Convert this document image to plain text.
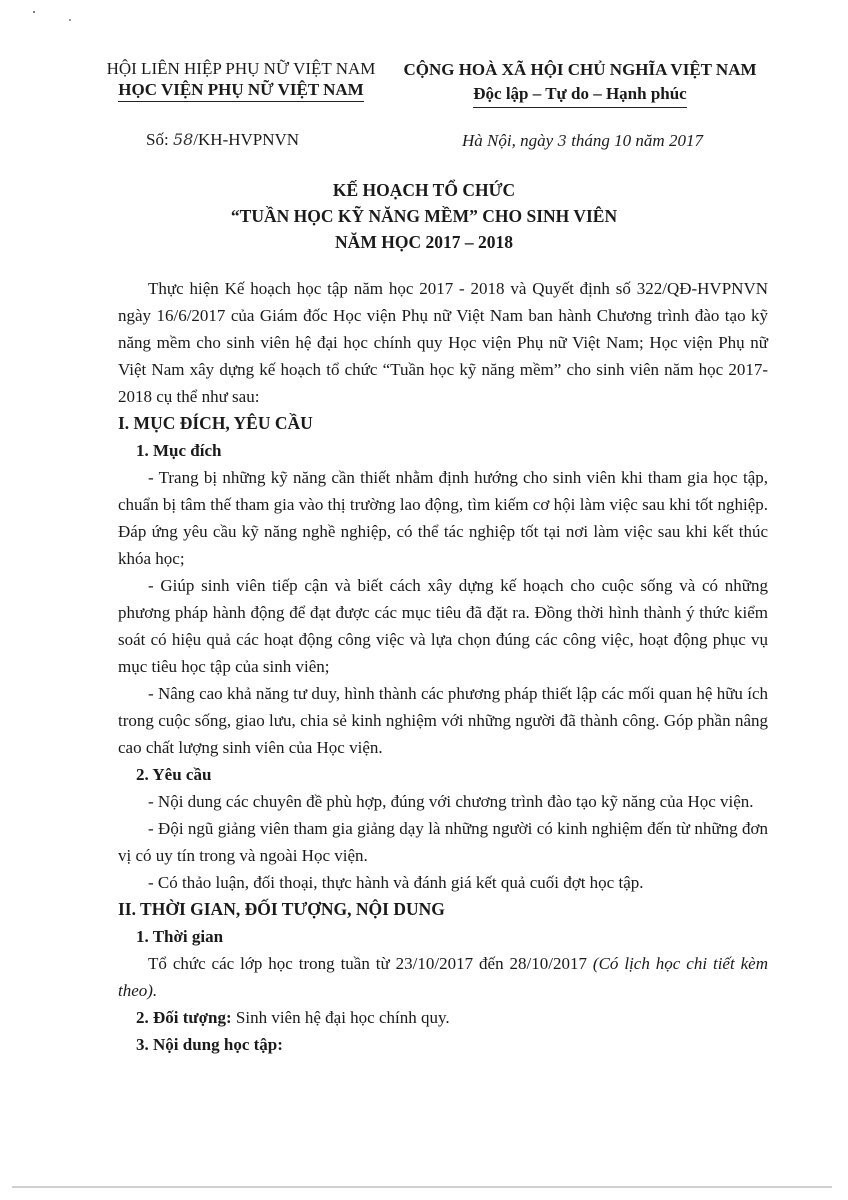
HỘI LIÊN HIỆP PHỤ NỮ VIỆT NAM
HỌC VIỆN PHỤ NỮ VIỆT NAM
CỘNG HOÀ XÃ HỘI CHỦ NGHĨA VIỆT NAM
Độc lập – Tự do – Hạnh phúc
Số: 58/KH-HVPNVN	Hà Nội, ngày 3 tháng 10 năm 2017
KẾ HOẠCH TỔ CHỨC
“TUẦN HỌC KỸ NĂNG MỀM” CHO SINH VIÊN
NĂM HỌC 2017 – 2018

Thực hiện Kế hoạch học tập năm học 2017 - 2018 và Quyết định số 322/QĐ-HVPNVN ngày 16/6/2017 của Giám đốc Học viện Phụ nữ Việt Nam ban hành Chương trình đào tạo kỹ năng mềm cho sinh viên hệ đại học chính quy Học viện Phụ nữ Việt Nam; Học viện Phụ nữ Việt Nam xây dựng kế hoạch tổ chức “Tuần học kỹ năng mềm” cho sinh viên năm học 2017-2018 cụ thể như sau:

I. MỤC ĐÍCH, YÊU CẦU

1. Mục đích

- Trang bị những kỹ năng cần thiết nhằm định hướng cho sinh viên khi tham gia học tập, chuẩn bị tâm thế tham gia vào thị trường lao động, tìm kiếm cơ hội làm việc sau khi tốt nghiệp. Đáp ứng yêu cầu kỹ năng nghề nghiệp, có thể tác nghiệp tốt tại nơi làm việc sau khi kết thúc khóa học;

- Giúp sinh viên tiếp cận và biết cách xây dựng kế hoạch cho cuộc sống và có những phương pháp hành động để đạt được các mục tiêu đã đặt ra. Đồng thời hình thành ý thức kiểm soát có hiệu quả các hoạt động công việc và lựa chọn đúng các công việc, hoạt động phục vụ mục tiêu học tập của sinh viên;

- Nâng cao khả năng tư duy, hình thành các phương pháp thiết lập các mối quan hệ hữu ích trong cuộc sống, giao lưu, chia sẻ kinh nghiệm với những người đã thành công. Góp phần nâng cao chất lượng sinh viên của Học viện.

2. Yêu cầu

- Nội dung các chuyên đề phù hợp, đúng với chương trình đào tạo kỹ năng của Học viện.

- Đội ngũ giảng viên tham gia giảng dạy là những người có kinh nghiệm đến từ những đơn vị có uy tín trong và ngoài Học viện.

- Có thảo luận, đối thoại, thực hành và đánh giá kết quả cuối đợt học tập.

II. THỜI GIAN, ĐỐI TƯỢNG, NỘI DUNG

1. Thời gian

Tổ chức các lớp học trong tuần từ 23/10/2017 đến 28/10/2017 (Có lịch học chi tiết kèm theo).

2. Đối tượng: Sinh viên hệ đại học chính quy.

3. Nội dung học tập:
